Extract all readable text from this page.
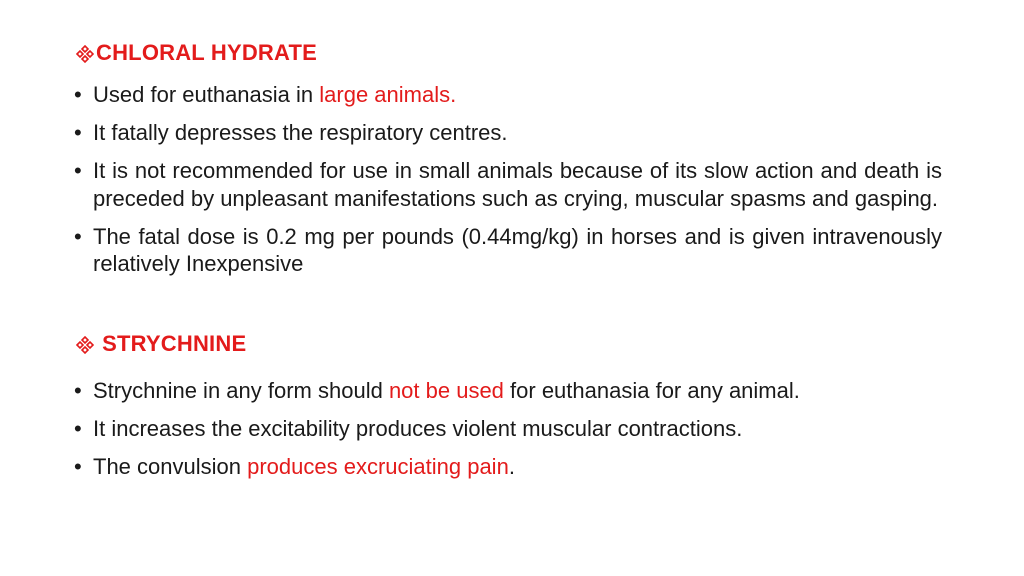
CHLORAL HYDRATE
• Used for euthanasia in large animals.
• It fatally depresses the respiratory centres.
• It is not recommended for use in small animals because of its slow action and death is preceded by unpleasant manifestations such as crying, muscular spasms and gasping.
• The fatal dose is 0.2 mg per pounds (0.44mg/kg) in horses and is given intravenously relatively Inexpensive
STRYCHNINE
• Strychnine in any form should not be used for euthanasia for any animal.
• It increases the excitability produces violent muscular contractions.
• The convulsion produces excruciating pain.
